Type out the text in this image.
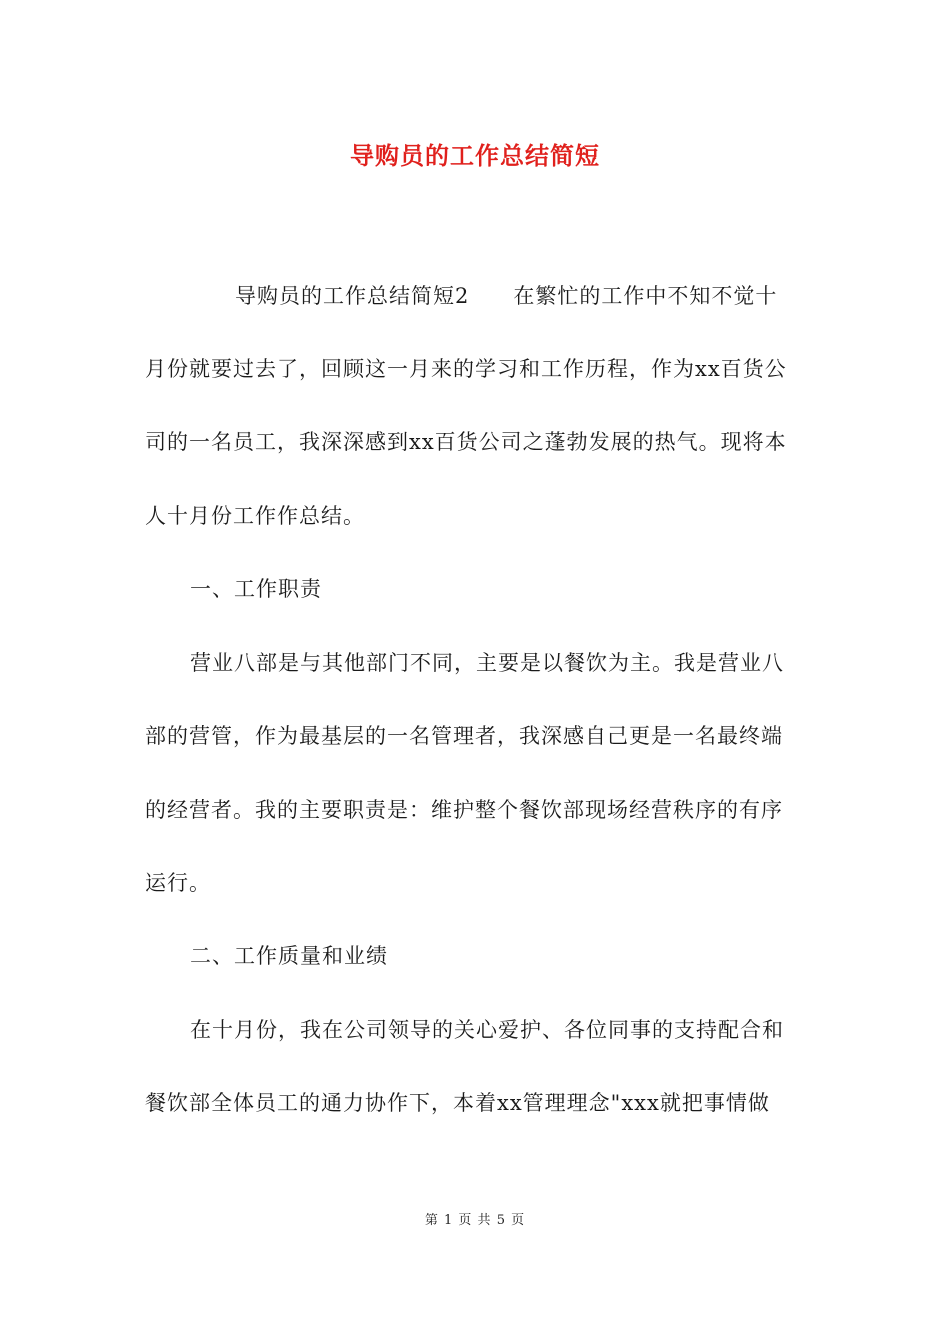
导购员的工作总结简短
导购员的工作总结简短2 在繁忙的工作中不知不觉十
月份就要过去了，回顾这一月来的学习和工作历程，作为xx百货公
司的一名员工，我深深感到xx百货公司之蓬勃发展的热气。现将本
人十月份工作作总结。
一、工作职责
营业八部是与其他部门不同，主要是以餐饮为主。我是营业八
部的营管，作为最基层的一名管理者，我深感自己更是一名最终端
的经营者。我的主要职责是：维护整个餐饮部现场经营秩序的有序
运行。
二、工作质量和业绩
在十月份，我在公司领导的关心爱护、各位同事的支持配合和
餐饮部全体员工的通力协作下，本着xx管理理念"xxx就把事情做
第 1 页 共 5 页
